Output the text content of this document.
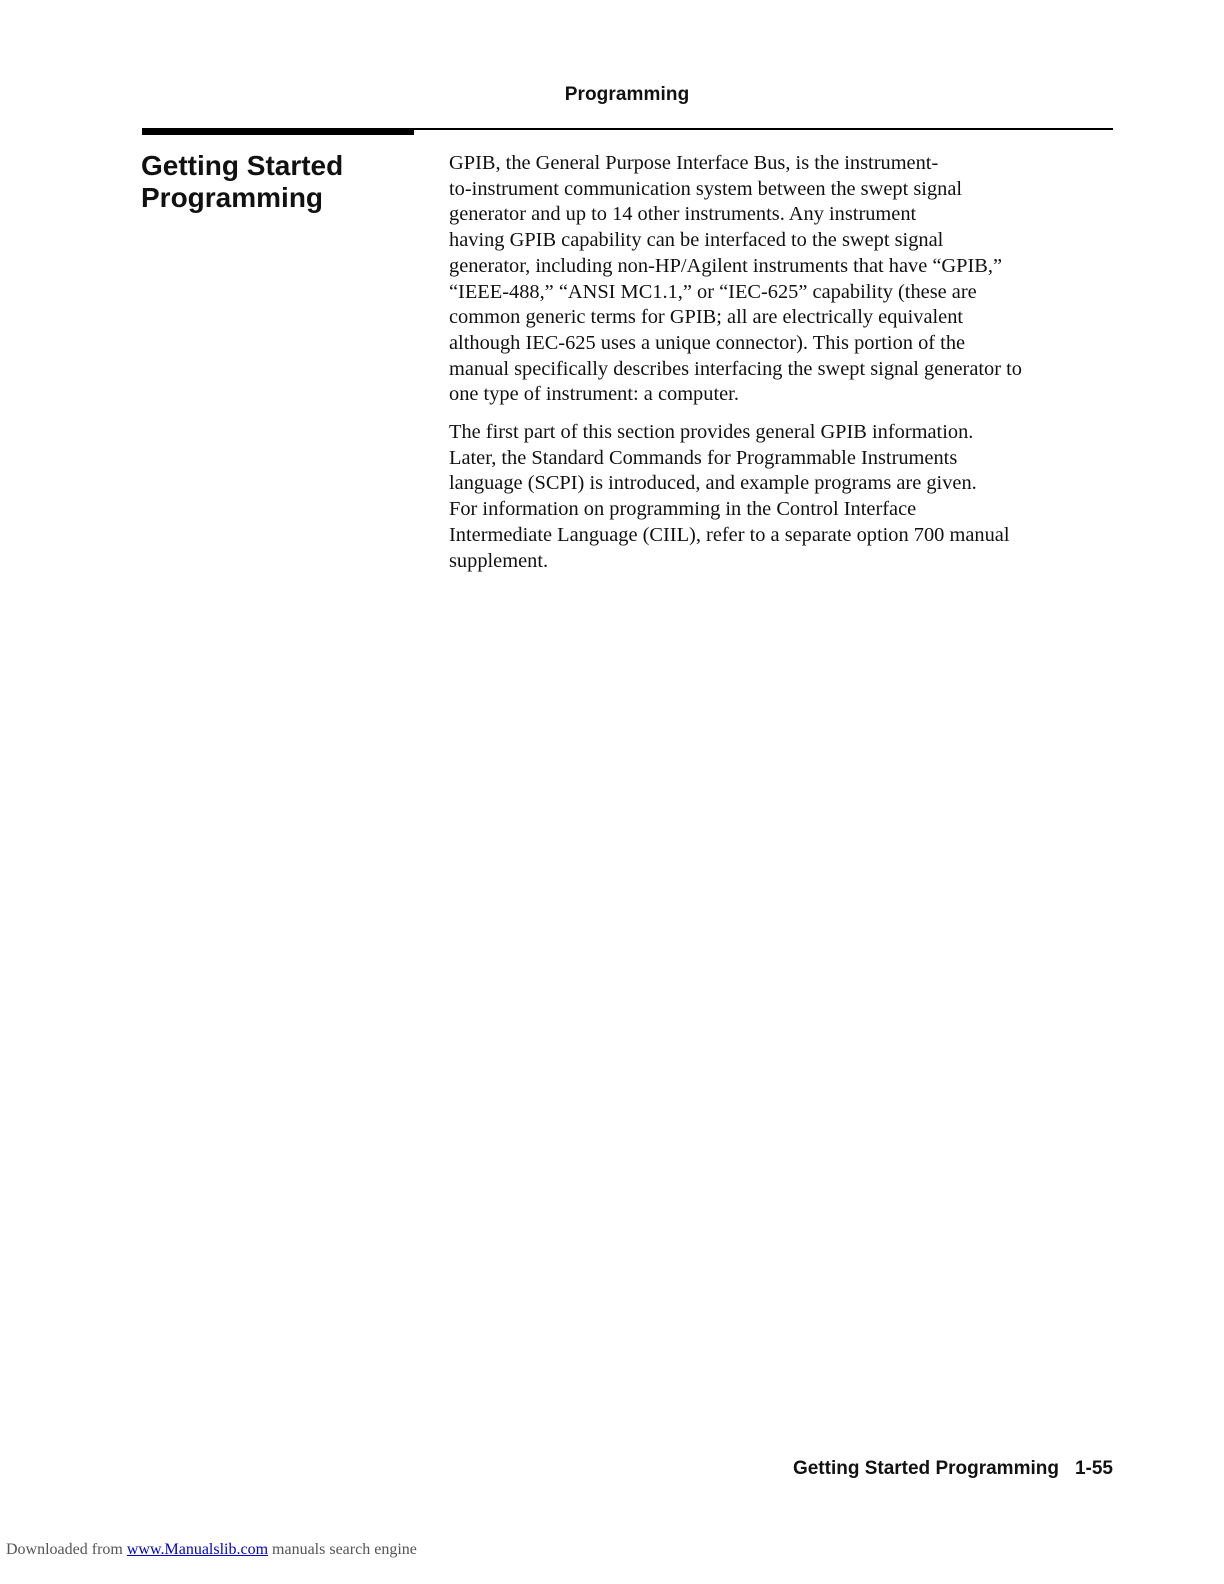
Programming
Getting Started
Programming

GPIB, the General Purpose Interface Bus, is the instrument-
to-instrument communication system between the swept signal
generator and up to 14 other instruments. Any instrument
having GPIB capability can be interfaced to the swept signal
generator, including non-HP/Agilent instruments that have “GPIB,”
“IEEE-488,” “ANSI MC1.1,” or “IEC-625” capability (these are
common generic terms for GPIB; all are electrically equivalent
although IEC-625 uses a unique connector). This portion of the
manual specifically describes interfacing the swept signal generator to
one type of instrument: a computer.

The first part of this section provides general GPIB information.
Later, the Standard Commands for Programmable Instruments
language (SCPI) is introduced, and example programs are given.
For information on programming in the Control Interface
Intermediate Language (CIIL), refer to a separate option 700 manual
supplement.

Getting Started Programming 1-55
Downloaded from www.Manualslib.com manuals search engine
